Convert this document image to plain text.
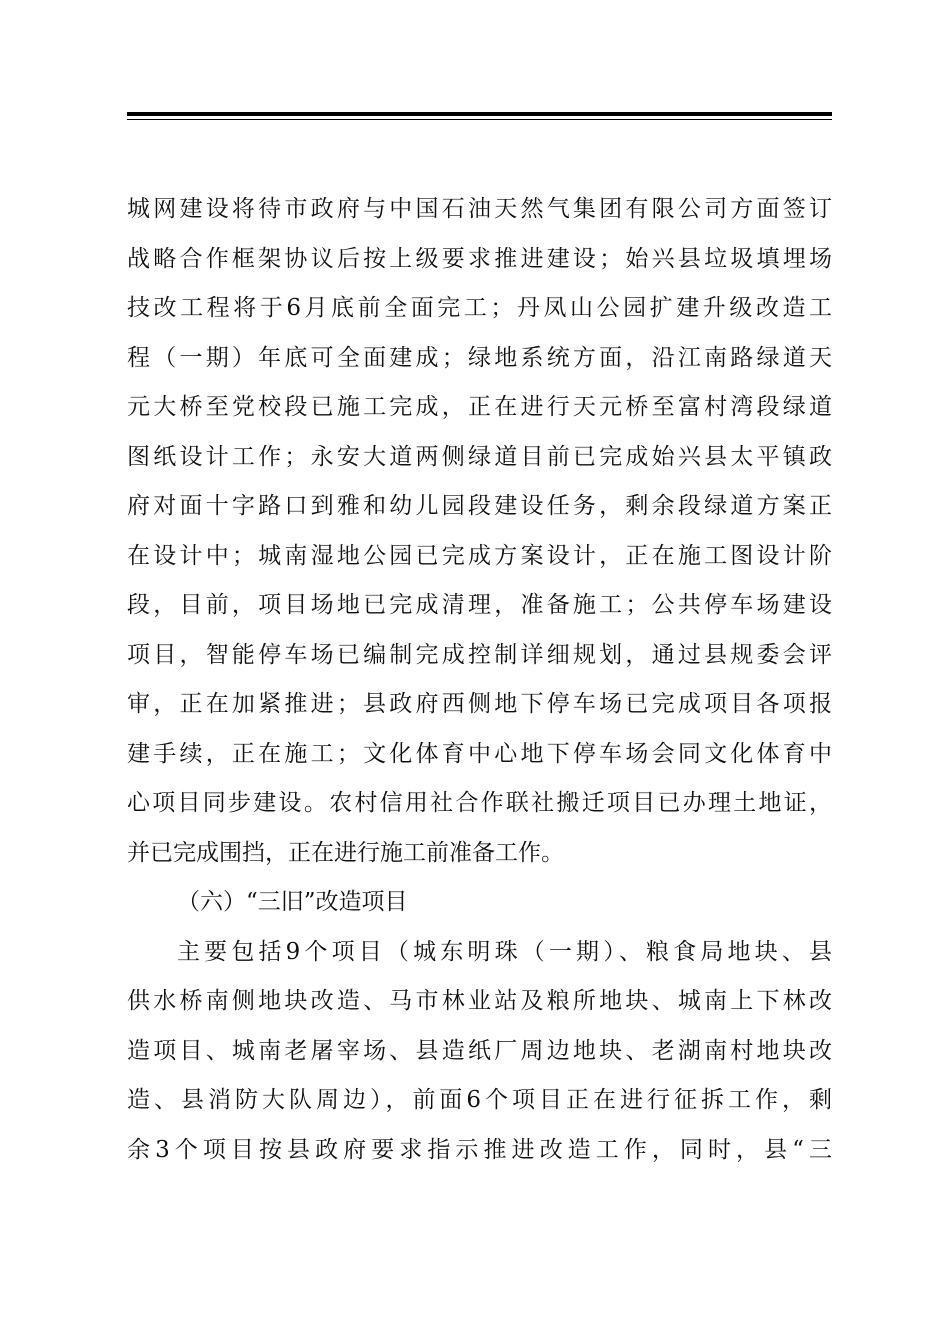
城网建设将待市政府与中国石油天然气集团有限公司方面签订
战略合作框架协议后按上级要求推进建设；始兴县垃圾填埋场
技改工程将于6月底前全面完工；丹凤山公园扩建升级改造工
程（一期）年底可全面建成；绿地系统方面，沿江南路绿道天
元大桥至党校段已施工完成，正在进行天元桥至富村湾段绿道
图纸设计工作；永安大道两侧绿道目前已完成始兴县太平镇政
府对面十字路口到雅和幼儿园段建设任务，剩余段绿道方案正
在设计中；城南湿地公园已完成方案设计，正在施工图设计阶
段，目前，项目场地已完成清理，准备施工；公共停车场建设
项目，智能停车场已编制完成控制详细规划，通过县规委会评
审，正在加紧推进；县政府西侧地下停车场已完成项目各项报
建手续，正在施工；文化体育中心地下停车场会同文化体育中
心项目同步建设。农村信用社合作联社搬迁项目已办理土地证，
并已完成围挡，正在进行施工前准备工作。
（六）“三旧”改造项目
主要包括9个项目（城东明珠（一期）、粮食局地块、县
供水桥南侧地块改造、马市林业站及粮所地块、城南上下林改
造项目、城南老屠宰场、县造纸厂周边地块、老湖南村地块改
造、县消防大队周边），前面6个项目正在进行征拆工作，剩
余3个项目按县政府要求指示推进改造工作，同时，县“三
